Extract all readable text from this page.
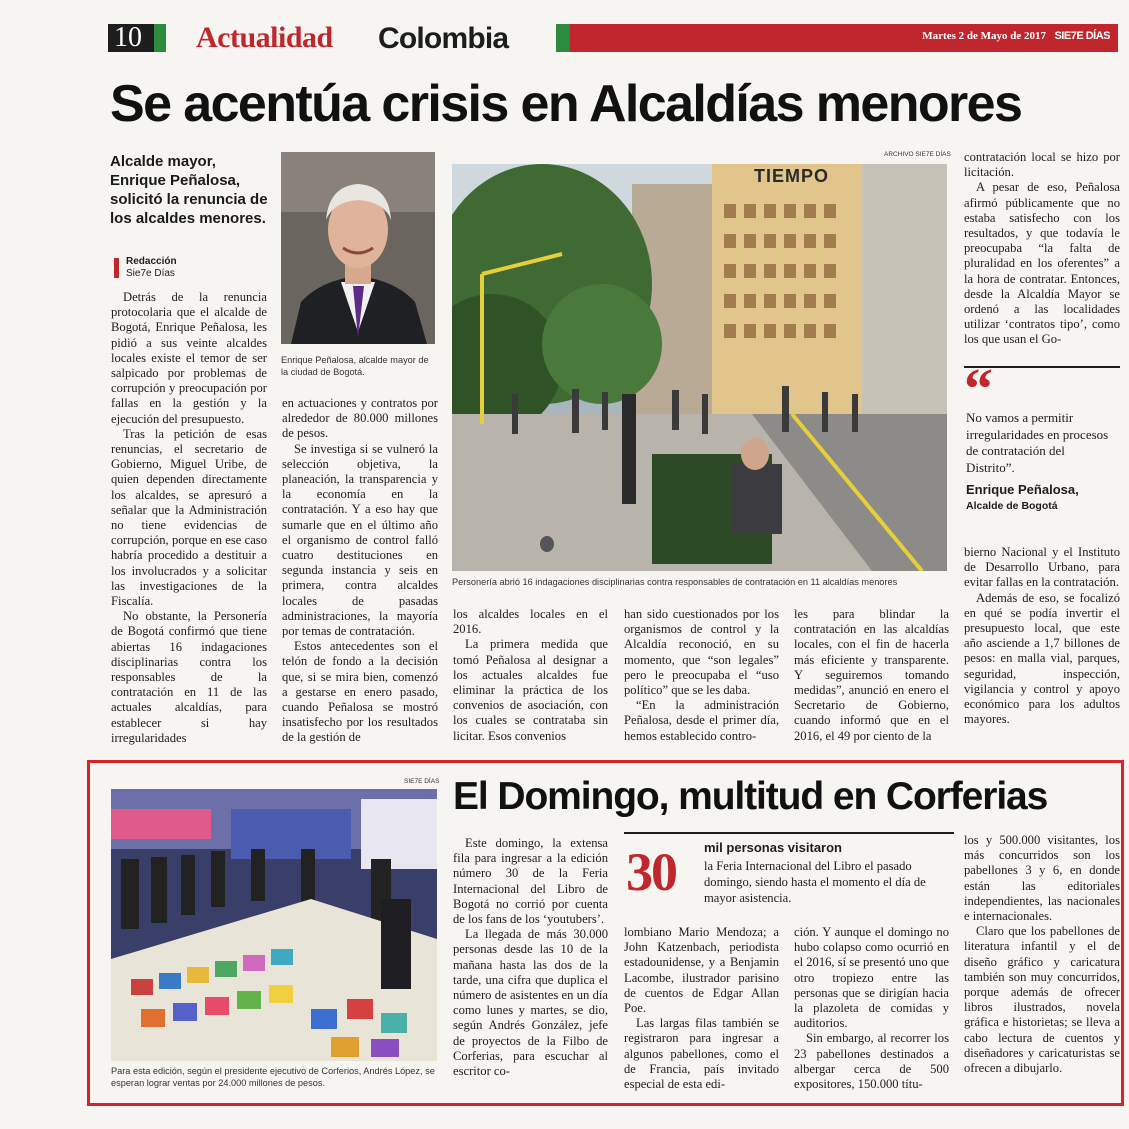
10 Actualidad Colombia	Martes 2 de Mayo de 2017 SIE7E DÍAS
Se acentúa crisis en Alcaldías menores
Alcalde mayor, Enrique Peñalosa, solicitó la renuncia de los alcaldes menores.
Redacción
Sie7e Días
Enrique Peñalosa, alcalde mayor de la ciudad de Bogotá.
ARCHIVO SIE7E DÍAS
TIEMPO
Personería abrió 16 indagaciones disciplinarias contra responsables de contratación en 11 alcaldías menores

Detrás de la renuncia protocolaria que el alcalde de Bogotá, Enrique Peñalosa, les pidió a sus veinte alcaldes locales existe el temor de ser salpicado por problemas de corrupción y preocupación por fallas en la gestión y la ejecución del presupuesto.

Tras la petición de esas renuncias, el secretario de Gobierno, Miguel Uribe, de quien dependen directamente los alcaldes, se apresuró a señalar que la Administración no tiene evidencias de corrupción, porque en ese caso habría procedido a destituir a los involucrados y a solicitar las investigaciones de la Fiscalía.

No obstante, la Personería de Bogotá confirmó que tiene abiertas 16 indagaciones disciplinarias contra los responsables de la contratación en 11 de las actuales alcaldías, para establecer si hay irregularidades

en actuaciones y contratos por alrededor de 80.000 millones de pesos.

Se investiga si se vulneró la selección objetiva, la planeación, la transparencia y la economía en la contratación. Y a eso hay que sumarle que en el último año el organismo de control falló cuatro destituciones en segunda instancia y seis en primera, contra alcaldes locales de pasadas administraciones, la mayoría por temas de contratación.

Estos antecedentes son el telón de fondo a la decisión que, si se mira bien, comenzó a gestarse en enero pasado, cuando Peñalosa se mostró insatisfecho por los resultados de la gestión de

los alcaldes locales en el 2016.

La primera medida que tomó Peñalosa al designar a los actuales alcaldes fue eliminar la práctica de los convenios de asociación, con los cuales se contrataba sin licitar. Esos convenios

han sido cuestionados por los organismos de control y la Alcaldía reconoció, en su momento, que “son legales” pero le preocupaba el “uso político” que se les daba.

“En la administración Peñalosa, desde el primer día, hemos establecido contro-

les para blindar la contratación en las alcaldías locales, con el fin de hacerla más eficiente y transparente. Y seguiremos tomando medidas”, anunció en enero el Secretario de Gobierno, cuando informó que en el 2016, el 49 por ciento de la

contratación local se hizo por licitación.

A pesar de eso, Peñalosa afirmó públicamente que no estaba satisfecho con los resultados, y que todavía le preocupaba “la falta de pluralidad en los oferentes” a la hora de contratar. Entonces, desde la Alcaldía Mayor se ordenó a las localidades utilizar ‘contratos tipo’, como los que usan el Go-

“
No vamos a permitir irregularidades en procesos de contratación del Distrito”.
Enrique Peñalosa,
Alcalde de Bogotá

bierno Nacional y el Instituto de Desarrollo Urbano, para evitar fallas en la contratación.

Además de eso, se focalizó en qué se podía invertir el presupuesto local, que este año asciende a 1,7 billones de pesos: en malla vial, parques, seguridad, inspección, vigilancia y control y apoyo económico para los adultos mayores.

SIE7E DÍAS
Para esta edición, según el presidente ejecutivo de Corferios, Andrés López, se esperan lograr ventas por 24.000 millones de pesos.
El Domingo, multitud en Corferias
30 mil personas visitaron
la Feria Internacional del Libro el pasado domingo, siendo hasta el momento el día de mayor asistencia.

Este domingo, la extensa fila para ingresar a la edición número 30 de la Feria Internacional del Libro de Bogotá no corrió por cuenta de los fans de los ‘youtubers’.

La llegada de más 30.000 personas desde las 10 de la mañana hasta las dos de la tarde, una cifra que duplica el número de asistentes en un día como lunes y martes, se dio, según Andrés González, jefe de proyectos de la Filbo de Corferias, para escuchar al escritor co-

lombiano Mario Mendoza; a John Katzenbach, periodista estadounidense, y a Benjamin Lacombe, ilustrador parisino de cuentos de Edgar Allan Poe.

Las largas filas también se registraron para ingresar a algunos pabellones, como el de Francia, país invitado especial de esta edi-

ción. Y aunque el domingo no hubo colapso como ocurrió en el 2016, sí se presentó uno que otro tropiezo entre las personas que se dirigían hacia la plazoleta de comidas y auditorios.

Sin embargo, al recorrer los 23 pabellones destinados a albergar cerca de 500 expositores, 150.000 títu-

los y 500.000 visitantes, los más concurridos son los pabellones 3 y 6, en donde están las editoriales independientes, las nacionales e internacionales.

Claro que los pabellones de literatura infantil y el de diseño gráfico y caricatura también son muy concurridos, porque además de ofrecer libros ilustrados, novela gráfica e historietas; se lleva a cabo lectura de cuentos y diseñadores y caricaturistas se ofrecen a dibujarlo.
